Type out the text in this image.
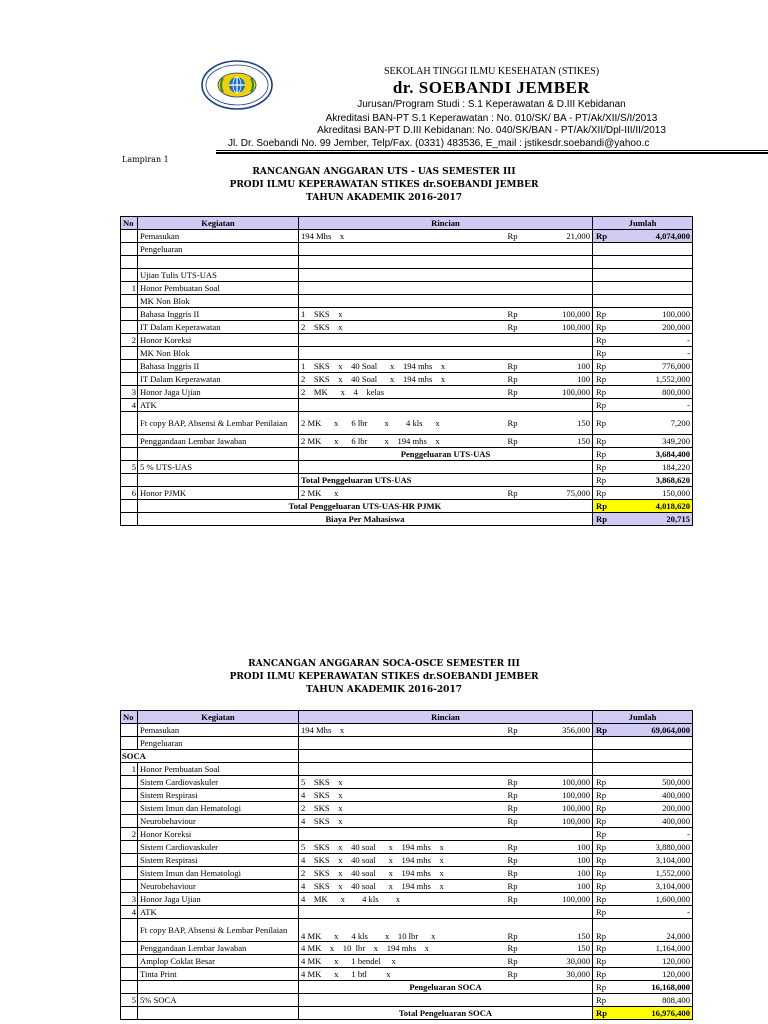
SEKOLAH TINGGI ILMU KESEHATAN (STIKES)
dr. SOEBANDI JEMBER
Jurusan/Program Studi : S.1 Keperawatan & D.III Kebidanan
Akreditasi BAN-PT S.1 Keperawatan : No. 010/SK/ BA - PT/Ak/XII/S/I/2013
Akreditasi BAN-PT D.III Kebidanan: No. 040/SK/BAN - PT/Ak/XII/Dpl-III/II/2013
Jl. Dr. Soebandi No. 99 Jember, Telp/Fax. (0331) 483536, E_mail : jstikesdr.soebandi@yahoo.c
Lampiran 1
RANCANGAN ANGGARAN UTS - UAS SEMESTER III
PRODI ILMU KEPERAWATAN STIKES dr.SOEBANDI JEMBER
TAHUN AKADEMIK 2016-2017
No	Kegiatan	Rincian			Jumlah	
	Pemasukan	194 Mhs    x	Rp	21,000	Rp	4,074,000
	Pengeluaran					

	Ujian Tulis UTS-UAS					
1	Honor Pembuatan Soal					
	MK Non Blok					
	Bahasa Inggris II	1    SKS    x	Rp	100,000	Rp	100,000
	IT Dalam Keperawatan	2    SKS    x	Rp	100,000	Rp	200,000
2	Honor Koreksi				Rp	-
	MK Non Blok				Rp	-
	Bahasa Inggris II	1    SKS    x    40 Soal      x    194 mhs    x	Rp	100	Rp	776,000
	IT Dalam Keperawatan	2    SKS    x    40 Soal      x    194 mhs    x	Rp	100	Rp	1,552,000
3	Honor Jaga Ujian	2    MK      x    4    kelas	Rp	100,000	Rp	800,000
4	ATK				Rp	-
	Ft copy BAP, Absensi & Lembar Penilaian	2 MK      x      6 lbr        x        4 kls      x	Rp	150	Rp	7,200
	Penggandaan Lembar Jawaban	2 MK      x      6 lbr        x    194 mhs    x	Rp	150	Rp	349,200
		Penggeluaran UTS-UAS			Rp	3,684,400
5	5 % UTS-UAS				Rp	184,220
		Total Penggeluaran UTS-UAS			Rp	3,868,620
6	Honor PJMK	2 MK      x	Rp	75,000	Rp	150,000
	Total Penggeluaran UTS-UAS-HR PJMK				Rp	4,018,620
	Biaya Per Mahasiswa				Rp	20,715
RANCANGAN ANGGARAN SOCA-OSCE SEMESTER III
PRODI ILMU KEPERAWATAN STIKES dr.SOEBANDI JEMBER
TAHUN AKADEMIK 2016-2017
No	Kegiatan	Rincian			Jumlah	
	Pemasukan	194 Mhs    x	Rp	356,000	Rp	69,064,000
	Pengeluaran					
SOCA						
1	Honor Pembuatan Soal					
	Sistem Cardiovaskuler	5    SKS    x	Rp	100,000	Rp	500,000
	Sistem Respirasi	4    SKS    x	Rp	100,000	Rp	400,000
	Sistem Imun dan Hematologi	2    SKS    x	Rp	100,000	Rp	200,000
	Neurobehaviour	4    SKS    x	Rp	100,000	Rp	400,000
2	Honor Koreksi				Rp	-
	Sistem Cardiovaskuler	5    SKS    x    40 soal      x    194 mhs    x	Rp	100	Rp	3,880,000
	Sistem Respirasi	4    SKS    x    40 soal      x    194 mhs    x	Rp	100	Rp	3,104,000
	Sistem Imun dan Hematologi	2    SKS    x    40 soal      x    194 mhs    x	Rp	100	Rp	1,552,000
	Neurobehaviour	4    SKS    x    40 soal      x    194 mhs    x	Rp	100	Rp	3,104,000
3	Honor Jaga Ujian	4    MK      x        4 kls        x	Rp	100,000	Rp	1,600,000
4	ATK				Rp	-
	Ft copy BAP, Absensi & Lembar Penilaian	4 MK      x      4 kls        x    10 lbr      x	Rp	150	Rp	24,000
	Penggandaan Lembar Jawaban	4 MK    x    10  lbr    x    194 mhs    x	Rp	150	Rp	1,164,000
	Amplop Coklat Besar	4 MK      x      1 bendel     x	Rp	30,000	Rp	120,000
	Tinta Print	4 MK      x      1 btl         x	Rp	30,000	Rp	120,000
		Pengeluaran SOCA			Rp	16,168,000
5	5% SOCA				Rp	808,400
		Total Pengeluaran SOCA			Rp	16,976,400
